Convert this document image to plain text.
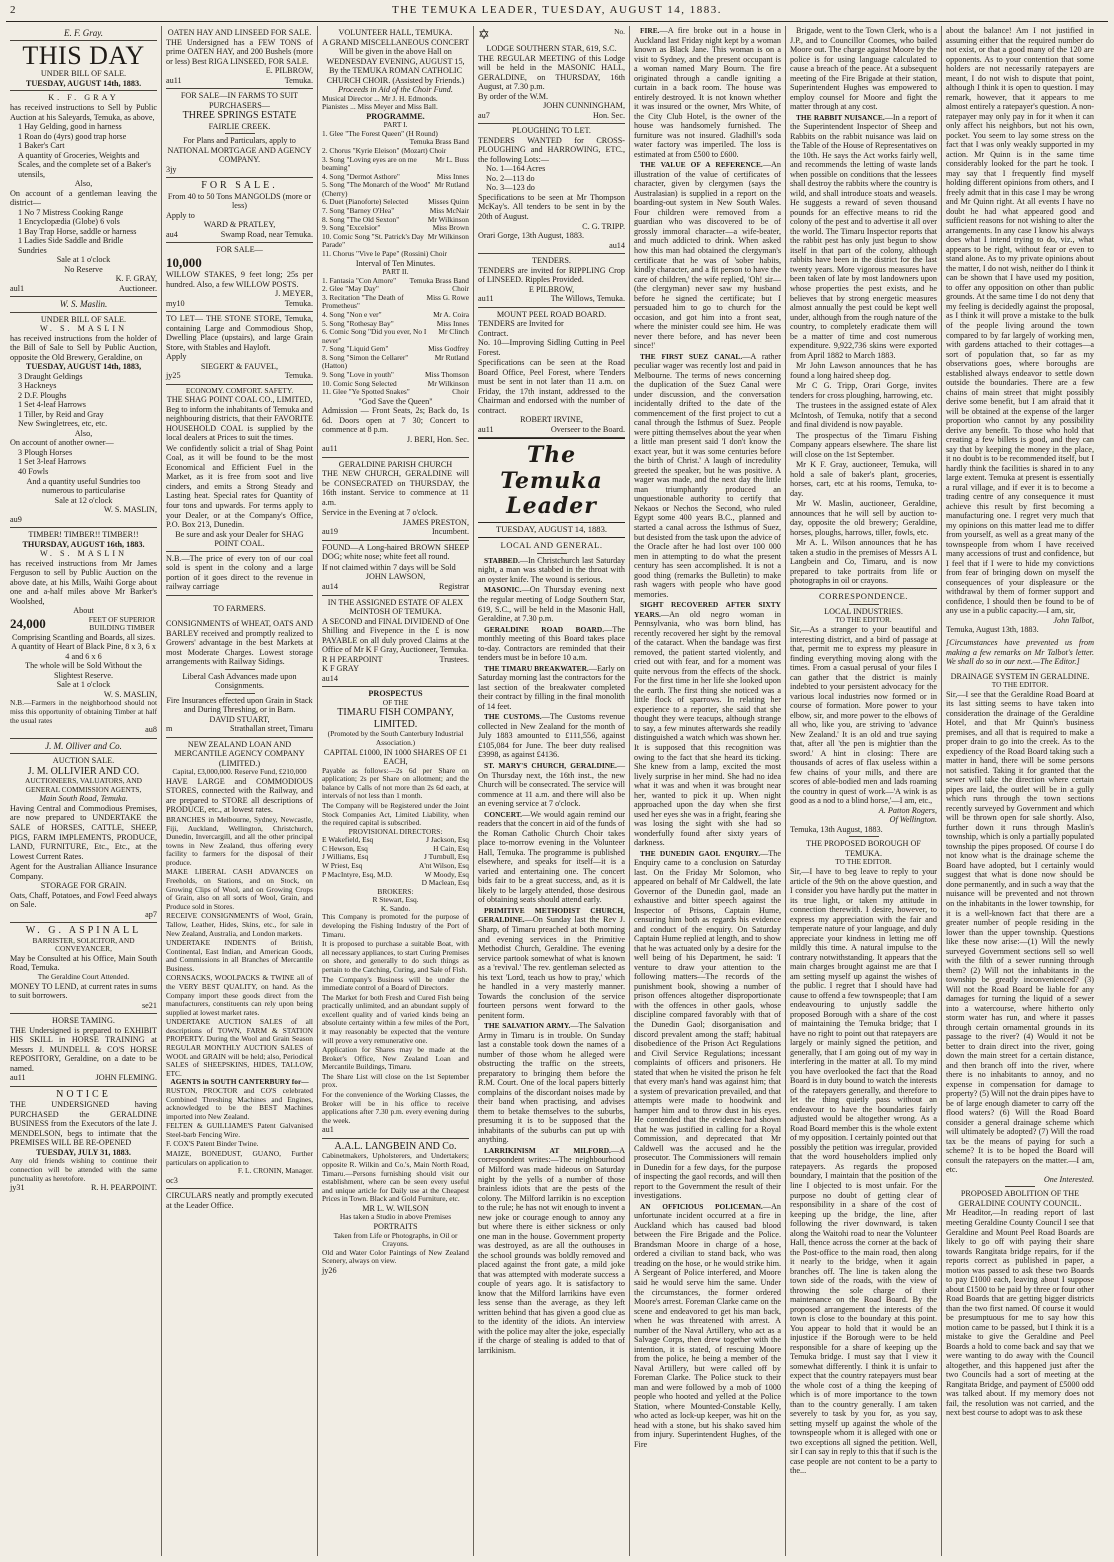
2	THE TEMUKA LEADER, TUESDAY, AUGUST 14, 1883.
E. F. Gray.
THIS DAY
UNDER BILL OF SALE.
TUESDAY, AUGUST 14th, 1883.
K. F. GRAY

has received instructions to Sell by Public Auction at his Saleyards, Temuka, as above,

1 Hay Gelding, good in harness
1 Roan do (4yrs) good trap horse
1 Baker's Cart
A quantity of Groceries, Weights and Scales, and the complete set of a Baker's utensils,
Also,

On account of a gentleman leaving the district—

1 No 7 Mistress Cooking Range
1 Encyclopædia (Globe) 6 vols
1 Bay Trap Horse, saddle or harness
1 Ladies Side Saddle and Bridle
Sundries
Sale at 1 o'clock
No Reserve
K. F. GRAY,
aul1	Auctioneer.
W. S. Maslin.
UNDER BILL OF SALE.
W. S. MASLIN

has received instructions from the holder of the Bill of Sale to Sell by Public Auction, opposite the Old Brewery, Geraldine, on

TUESDAY, AUGUST 14th, 1883,
3 Draught Geldings
3 Hackneys
2 D.F. Ploughs
1 Set 4-leaf Harrows
1 Tiller, by Reid and Gray
New Swingletrees, etc, etc.
Also,

On account of another owner—

3 Plough Horses
1 Set 3-leaf Harrows
40 Fowls

And a quantity useful Sundries too numerous to particularise

Sale at 12 o'clock
W. S. MASLIN,
au9
TIMBER! TIMBER!! TIMBER!!
THURSDAY, AUGUST 16th, 1883.
W. S. MASLIN

has received instructions from Mr James Ferguson to sell by Public Auction on the above date, at his Mills, Waihi Gorge about one and a-half miles above Mr Barker's Woolshed,

About
24,000	FEET OF SUPERIOR BUILDING TIMBER
Comprising Scantling and Boards, all sizes.
A quantity of Heart of Black Pine, 8 x 3, 6 x 4 and 6 x 6
The whole will be Sold Without the Slightest Reserve.
Sale at 1 o'clock
W. S. MASLIN,

N.B.—Farmers in the neighborhood should not miss this opportunity of obtaining Timber at half the usual rates

au8
J. M. Olliver and Co.
AUCTION SALE.
J. M. OLLIVIER AND CO.
AUCTIONEERS, VALUATORS, AND GENERAL COMMISSION AGENTS,
Main South Road, Temuka.

Having Central and Commodious Premises, are now prepared to UNDERTAKE the SALE of HORSES, CATTLE, SHEEP, PIGS, FARM IMPLEMENTS, PRODUCE, LAND, FURNITURE, Etc., Etc., at the Lowest Current Rates.

Agent for the Australian Alliance Insurance Company.

STORAGE FOR GRAIN.

Oats, Chaff, Potatoes, and Fowl Feed always on Sale.

ap7
W. G. ASPINALL
BARRISTER, SOLICITOR, AND CONVEYANCER,

May be Consulted at his Office, Main South Road, Temuka.

The Geraldine Court Attended.

MONEY TO LEND, at current rates in sums to suit borrowers.

se21
HORSE TAMING.

THE Undersigned is prepared to EXHIBIT HIS SKILL in HORSE TRAINING at Messrs J. MUNDELL & CO'S HORSE REPOSITORY, Geraldine, on a date to be named.

au11	JOHN FLEMING.
NOTICE

THE UNDERSIGNED having PURCHASED the GERALDINE BUSINESS from the Executors of the late J. MENDELSON, begs to intimate that the PREMISES WILL BE RE-OPENED

TUESDAY, JULY 31, 1883.

Any old friends wishing to continue their connection will be attended with the same punctuality as heretofore.

jy31	R. H. PEARPOINT.
OATEN HAY AND LINSEED FOR SALE.

THE Undersigned has a FEW TONS of prime OATEN HAY, and 200 Bushels (more or less) Best RIGA LINSEED, FOR SALE.

E. PILBROW,
au11	Temuka.

FOR SALE—IN FARMS TO SUIT PURCHASERS—

THREE SPRINGS ESTATE
FAIRLIE CREEK.
For Plans and Particulars, apply to
NATIONAL MORTGAGE AND AGENCY COMPANY.
3jy
FOR SALE.
From 40 to 50 Tons MANGOLDS (more or less)
Apply to
WARD & PRATLEY,
au4	Swamp Road, near Temuka.
FOR SALE—
10,000

WILLOW STAKES, 9 feet long; 25s per hundred. Also, a few WILLOW POSTS.

J. MEYER,
my10	Temuka.

TO LET— THE STONE STORE, Temuka, containing Large and Commodious Shop, Dwelling Place (upstairs), and large Grain Store, with Stables and Hayloft.

Apply
SIEGERT & FAUVEL,
jy25	Temuka.
ECONOMY. COMFORT. SAFETY.
THE SHAG POINT COAL CO., LIMITED,

Beg to inform the inhabitants of Temuka and neighbouring districts, that their FAVORITE HOUSEHOLD COAL is supplied by the local dealers at Prices to suit the times.

We confidently solicit a trial of Shag Point Coal, as it will be found to be the most Economical and Efficient Fuel in the Market, as it is free from soot and live cinders, and emits a Strong Steady and Lasting heat. Special rates for Quantity of four tons and upwards. For terms apply to your Dealer, or at the Company's Office, P.O. Box 213, Dunedin.

Be sure and ask your Dealer for SHAG POINT COAL.

N.B.—The price of every ton of our coal sold is spent in the colony and a large portion of it goes direct to the revenue in railway carriage

TO FARMERS.

CONSIGNMENTS of WHEAT, OATS AND BARLEY received and promptly realized to Growers' advantage in the best Markets at most Moderate Charges. Lowest storage arrangements with Railway Sidings.

Liberal Cash Advances made upon Consignments.
Fire Insurances effected upon Grain in Stack and During Threshing, or in Barn.
DAVID STUART,
m	Strathallan street, Timaru
NEW ZEALAND LOAN AND MERCANTILE AGENCY COMPANY (LIMITED.)
Capital, £3,000,000. Reserve Fund, £210,000

HAVE LARGE and COMMODIOUS STORES, connected with the Railway, and are prepared to STORE all descriptions of PRODUCE, etc., at lowest rates.

BRANCHES in Melbourne, Sydney, Newcastle, Fiji, Auckland, Wellington, Christchurch, Dunedin, Invercargill, and all the other principal towns in New Zealand, thus offering every facility to farmers for the disposal of their produce.

MAKE LIBERAL CASH ADVANCES on Freeholds, on Stations, and on Stock, on Growing Clips of Wool, and on Growing Crops of Grain, also on all sorts of Wool, Grain, and Produce sold in Stores.

RECEIVE CONSIGNMENTS of Wool, Grain, Tallow, Leather, Hides, Skins, etc., for sale in New Zealand, Australia, and London markets.

UNDERTAKE INDENTS of British, Continental, East Indian, and American Goods, and Commissions in all Branches of Mercantile Business.

CORNSACKS, WOOLPACKS & TWINE all of the VERY BEST QUALITY, on hand. As the Company import these goods direct from the manufacturers, constituents can rely upon being supplied at lowest market rates.

UNDERTAKE AUCTION SALES of all descriptions of TOWN, FARM & STATION PROPERTY. During the Wool and Grain Season REGULAR MONTHLY AUCTION SALES of WOOL and GRAIN will be held; also, Periodical SALES of SHEEPSKINS, HIDES, TALLOW, ETC.

AGENTS in SOUTH CANTERBURY for—

RUSTON, PROCTOR and CO'S celebrated Combined Threshing Machines and Engines, acknowledged to be the BEST Machines imported into New Zealand.

FELTEN & GUILLIAME'S Patent Galvanised Steel-barb Fencing Wire.

F. COX'S Patent Binder Twine.

MAIZE, BONEDUST, GUANO, Further particulars on application to

F. L. CRONIN, Manager.
oc3

CIRCULARS neatly and promptly executed at the Leader Office.

VOLUNTEER HALL, TEMUKA.
A GRAND MISCELLANEOUS CONCERT

Will be given in the above Hall on WEDNESDAY EVENING, AUGUST 15, By the TEMUKA ROMAN CATHOLIC CHURCH CHOIR. (Assisted by Friends.)

Proceeds in Aid of the Choir Fund.
Musical Director ... Mr J. H. Edmonds.
Pianistes ... Miss Meyer and Miss Ball.
PROGRAMME.
PART I.
1. Glee "The Forest Queen" (H Round)
Temuka Brass Band
2. Chorus "Kyrie Eleison" (Mozart) Choir
3. Song "Loving eyes are on me beaming"
Mr L. Buss
4. Song "Dermot Asthore"	Miss Innes
5. Song "The Monarch of the Wood" (Cherry)
Mr Rutland
6. Duet (Pianoforte) Selected	Misses Quinn
7. Song "Barney O'Hea"	Miss McNair
8. Song "The Old Sexton"	Mr Wilkinson
9. Song "Excelsior"	Miss Brown
10. Comic Song "St. Patrick's Day Parade"
Mr Wilkinson
11. Chorus "Vive le Pape" (Rossini) Choir
Interval of Ten Minutes.
PART II.
1. Fantasia "Con Amore"	Temuka Brass Band
2. Glee "May Day"	Choir
3. Recitation "The Death of Prometheus"
Miss G. Rowe
4. Song "Non e ver"	Mr A. Coira
5. Song "Rothesay Bay"	Miss Innes
6. Comic Song "Did you ever, No I never"
Mr Clinch
7. Song "Liquid Gem"	Miss Godfrey
8. Song "Simon the Cellarer" (Hatton)
Mr Rutland
9. Song "Love in youth"	Miss Thomson
10. Comic Song Selected	Mr Wilkinson
11. Glee "Ye Spotted Snakes"	Choir
"God Save the Queen"

Admission — Front Seats, 2s; Back do, 1s 6d. Doors open at 7 30; Concert to commence at 8 p.m.

J. BERI, Hon. Sec.
au11
GERALDINE PARISH CHURCH

THE NEW CHURCH, GERALDINE will be CONSECRATED on THURSDAY, the 16th instant. Service to commence at 11 a.m.

Service in the Evening at 7 o'clock.

JAMES PRESTON,
au19	Incumbent.

FOUND—A Long-haired BROWN SHEEP DOG; white nose; white feet all round.

If not claimed within 7 days will be Sold

JOHN LAWSON,
au14	Registrar
IN THE ASSIGNED ESTATE OF ALEX McINTOSH OF TEMUKA.

A SECOND and FINAL DIVIDEND of One Shilling and Fivepence in the £ is now PAYABLE on all duly proved Claims at the Office of Mr K F Gray, Auctioneer, Temuka.

R H PEARPOINT
K F GRAY
Trustees.
au14
PROSPECTUS
OF THE
TIMARU FISH COMPANY, LIMITED.
(Promoted by the South Canterbury Industrial Association.)
CAPITAL £1000, IN 1000 SHARES OF £1 EACH,

Payable as follows:—2s 6d per Share on application; 2s per Share on allotment; and the balance by Calls of not more than 2s 6d each, at intervals of not less than 1 month.

The Company will be Registered under the Joint Stock Companies Act, Limited Liability, when the required capital is subscribed.

PROVISIONAL DIRECTORS:
E Wakefield, Esq	J Jackson, Esq
C Hewson, Esq	H Cain, Esq
J Williams, Esq	J Turnbull, Esq
W Priest, Esq	A'nt Wilson, Esq
P MacIntyre, Esq, M.D.	W Moody, Esq
D Maclean, Esq
BROKERS:
R Stewart, Esq.
K. Sando.

This Company is promoted for the purpose of developing the Fishing Industry of the Port of Timaru.

It is proposed to purchase a suitable Boat, with all necessary appliances, to start Curing Premises on shore, and generally to do such things as pertain to the Catching, Curing, and Sale of Fish.

The Company's Business will be under the immediate control of a Board of Directors.

The Market for both Fresh and Cured Fish being practically unlimited, and an abundant supply of excellent quality and of varied kinds being an absolute certainty within a few miles of the Port, it may reasonably be expected that the venture will prove a very remunerative one.

Application for Shares may be made at the Broker's Office, New Zealand Loan and Mercantile Buildings, Timaru.

The Share List will close on the 1st September prox.

For the convenience of the Working Classes, the Broker will be in his office to receive applications after 7.30 p.m. every evening during the week.

au1
A.A.L. LANGBEIN AND Co.

Cabinetmakers, Upholsterers, and Undertakers; opposite R. Wilkin and Co.'s, Main North Road, Timaru.—Persons furnishing should visit our establishment, where can be seen every useful and unique article for Daily use at the Cheapest Prices in Town. Black and Gold Furniture, etc.

MR L. W. WILSON
Has taken a Studio in above Premises
PORTRAITS
Taken from Life or Photographs, in Oil or Crayons.

Old and Water Color Paintings of New Zealand Scenery, always on view.

jy26
✡	No.
LODGE SOUTHERN STAR, 619, S.C.

THE REGULAR MEETING of this Lodge will be held in the MASONIC HALL, GERALDINE, on THURSDAY, 16th August, at 7.30 p.m.

By order of the W.M.
JOHN CUNNINGHAM,
au7	Hon. Sec.
PLOUGHING TO LET.

TENDERS WANTED for CROSS-PLOUGHING and HARROWING, ETC., the following Lots:—

No. 1—164 Acres
No. 2—113 do
No. 3—123 do

Specifications to be seen at Mr Thompson McKay's. All tenders to be sent in by the 20th of August.

C. G. TRIPP.
Orari Gorge, 13th August, 1883.
au14
TENDERS.

TENDERS are invited for RIPPLING Crop of LINSEED. Ripples Provided.

E PILBROW,
au11	The Willows, Temuka.
MOUNT PEEL ROAD BOARD.

TENDERS are Invited for

Contract.

No. 10—Improving Sidling Cutting in Peel Forest.

Specifications can be seen at the Road Board Office, Peel Forest, where Tenders must be sent in not later than 11 a.m. on Friday, the 17th instant, addressed to the Chairman and endorsed with the number of contract.

ROBERT IRVINE,
au11	Overseer to the Board.
The Temuka Leader
TUESDAY, AUGUST 14, 1883.
LOCAL AND GENERAL.

STABBED.—In Christchurch last Saturday night, a man was stabbed in the throat with an oyster knife. The wound is serious.

MASONIC.—On Thursday evening next the regular meeting of Lodge Southern Star, 619, S.C., will be held in the Masonic Hall, Geraldine, at 7.30 p.m.

GERALDINE ROAD BOARD.—The monthly meeting of this Board takes place to-day. Contractors are reminded that their tenders must be in before 10 a.m.

THE TIMARU BREAKWATER.—Early on Saturday morning last the contractors for the last section of the breakwater completed their contract by filling in the final monolith of 14 feet.

THE CUSTOMS.—The Customs revenue collected in New Zealand for the month of July 1883 amounted to £111,556, against £105,084 for June. The beer duty realised £3998, as against £4136.

ST. MARY'S CHURCH, GERALDINE.—On Thursday next, the 16th inst., the new Church will be consecrated. The service will commence at 11 a.m. and there will also be an evening service at 7 o'clock.

CONCERT.—We would again remind our readers that the concert in aid of the funds of the Roman Catholic Church Choir takes place to-morrow evening in the Volunteer Hall, Temuka. The programme is published elsewhere, and speaks for itself—it is a varied and entertaining one. The concert bids fair to be a great success, and, as it is likely to be largely attended, those desirous of obtaining seats should attend early.

PRIMITIVE METHODIST CHURCH, GERALDINE.—On Sunday last the Rev J. Sharp, of Timaru preached at both morning and evening services in the Primitive Methodist Church, Geraldine. The evening service partook somewhat of what is known as a 'revival.' The rev. gentleman selected as his text 'Lord, teach us how to pray,' which he handled in a very masterly manner. Towards the conclusion of the service fourteen persons went forward to the penitent form.

THE SALVATION ARMY.—The Salvation Army in Timaru is in trouble. On Sunday last a constable took down the names of a number of those whom he alleged were obstructing the traffic on the streets, preparatory to bringing them before the R.M. Court. One of the local papers bitterly complains of the discordant noises made by their band when practising, and advises them to betake themselves to the suburbs, presuming it is to be supposed that the inhabitants of the suburbs can put up with anything.

LARRIKINISM AT MILFORD.—A correspondent writes:—The neighbourhood of Milford was made hideous on Saturday night by the yells of a number of those brainless idiots that are the pests of the colony. The Milford larrikin is no exception to the rule; he has not wit enough to invent a new joke or courage enough to annoy any but where there is either sickness or only one man in the house. Government property was destroyed, as are all the outhouses in the school grounds was boldly removed and placed against the front gate, a mild joke that was attempted with moderate success a couple of years ago. It is satisfactory to know that the Milford larrikins have even less sense than the average, as they left written behind that has given a good clue as to the identity of the idiots. An interview with the police may alter the joke, especially if the charge of stealing is added to that of larrikinism.

FIRE.—A fire broke out in a house in Auckland last Friday night kept by a woman known as Black Jane. This woman is on a visit to Sydney, and the present occupant is a woman named Mary Bourn. The fire originated through a candle igniting a curtain in a back room. The house was entirely destroyed. It is not known whether it was insured or the owner, Mrs White, of the City Club Hotel, is the owner of the house was handsomely furnished. The furniture was not insured. Gladhill's soda water factory was imperiled. The loss is estimated at from £500 to £600.

THE VALUE OF A REFERENCE.—An illustration of the value of certificates of character, given by clergymen (says the Australasian) is supplied in a report on the boarding-out system in New South Wales. Four children were removed from a guardian who was discovered to be of grossly immoral character—a wife-beater, and much addicted to drink. When asked how this man had obtained the clergyman's certificate that he was of 'sober habits, kindly character, and a fit person to have the care of children,' the wife replied, 'Oh! sir—(the clergyman) never saw my husband before he signed the certificate; but I persuaded him to go to church for the occasion, and got him into a front seat, where the minister could see him. He was never there before, and has never been since!'

THE FIRST SUEZ CANAL.—A rather peculiar wager was recently lost and paid in Melbourne. The terms of news concerning the duplication of the Suez Canal were under discussion, and the conversation incidentally drifted to the date of the commencement of the first project to cut a canal through the Isthmus of Suez. People were pitting themselves about the year when a little man present said 'I don't know the exact year, but it was some centuries before the birth of Christ.' A laugh of incredulity greeted the speaker, but he was positive. A wager was made, and the next day the little man triumphantly produced an unquestionable authority to certify that Nekaos or Nechos the Second, who ruled Egypt some 400 years B.C., planned and started a canal across the Isthmus of Suez, but desisted from the task upon the advice of the Oracle after he had lost over 100 000 men in attempting to do what the present century has seen accomplished. It is not a good thing (remarks the Bulletin) to make rash wagers with people who have good memories.

SIGHT RECOVERED AFTER SIXTY YEARS.—An old negro woman in Pennsylvania, who was born blind, has recently recovered her sight by the removal of the cataract. When the bandage was first removed, the patient started violently, and cried out with fear, and for a moment was quite nervous from the effects of the shock. For the first time in her life she looked upon the earth. The first thing she noticed was a little flock of sparrows. In relating her experience to a reporter, she said that she thought they were teacups, although strange to say, a few minutes afterwards she readily distinguished a watch which was shown her. It is supposed that this recognition was owing to the fact that she heard its ticking. She knew from a lamp, excited the most lively surprise in her mind. She had no idea what it was and when it was brought near her, wanted to pick it up. When night approached upon the day when she first used her eyes she was in a fright, fearing she was losing the sight with she had so wonderfully found after sixty years of darkness.

THE DUNEDIN GAOL ENQUIRY.—The Enquiry came to a conclusion on Saturday last. On the Friday Mr Solomon, who appeared on behalf of Mr Caldwell, the late Governor of the Dunedin gaol, made an exhaustive and bitter speech against the Inspector of Prisons, Captain Hume, censuring him both as regards his evidence and conduct of the enquiry. On Saturday Captain Hume replied at length, and to show that he was actuated only by a desire for the well being of his Department, he said: 'I venture to draw your attention to the following matters—The records of the punishment book, showing a number of prison offences altogether disproportionate with the offences in other gaols, whose discipline compared favorably with that of the Dunedin Gaol; disorganisation and discord prevalent among the staff; habitual disobedience of the Prison Act Regulations and Civil Service Regulations; incessant complaints of officers and prisoners. He stated that when he visited the prison he felt that every man's hand was against him; that a system of prevarication prevailed, and that attempts were made to hoodwink and hamper him and to throw dust in his eyes. He contended that the evidence had shown that he was justified in calling for a Royal Commission, and deprecated that Mr Caldwell was the accused and he the prosecutor. The Commissioners will remain in Dunedin for a few days, for the purpose of inspecting the gaol records, and will then report to the Government the result of their investigations.

AN OFFICIOUS POLICEMAN.—An unfortunate incident occurred at a fire in Auckland which has caused bad blood between the Fire Brigade and the Police. Brandsman Moore in charge of a hose, ordered a civilian to stand back, who was treading on the hose, or he would strike him. A Sergeant of Police interfered, and Moore said he would serve him the same. Under the circumstances, the former ordered Moore's arrest. Foreman Clarke came on the scene and endeavored to get his man back, when he was threatened with arrest. A number of the Naval Artillery, who act as a Salvage Corps, then drew together with the intention, it is stated, of rescuing Moore from the police, he being a member of the Naval Artillery, but were called off by Foreman Clarke. The Police stuck to their man and were followed by a mob of 1000 people who hooted and yelled at the Police Station, where Mounted-Constable Kelly, who acted as lock-up keeper, was hit on the head with a stone, but his shako saved him from injury. Superintendent Hughes, of the Fire

Brigade, went to the Town Clerk, who is a J.P., and to Councillor Coomes, who bailed Moore out. The charge against Moore by the police is for using language calculated to cause a breach of the peace. At a subsequent meeting of the Fire Brigade at their station, Superintendent Hughes was empowered to employ counsel for Moore and fight the matter through at any cost.

THE RABBIT NUISANCE.—In a report of the Superintendent Inspector of Sheep and Rabbits on the rabbit nuisance was laid on the Table of the House of Representatives on the 10th. He says the Act works fairly well, and recommends the letting of waste lands when possible on conditions that the lessees shall destroy the rabbits where the country is wild, and shall introduce stoats and weasels. He suggests a reward of seven thousand pounds for an effective means to rid the colony of the pest and to advertise it all over the world. The Timaru Inspector reports that the rabbit pest has only just begun to show itself in that part of the colony, although rabbits have been in the district for the last twenty years. More vigorous measures have been taken of late by most landowners upon whose properties the pest exists, and he believes that by strong energetic measures almost annually the pest could be kept well under, although from the rough nature of the country, to completely eradicate them will be a matter of time and cost numerous expenditure. 9,922,736 skins were exported from April 1882 to March 1883.

Mr John Lawson announces that he has found a long haired sheep dog.

Mr C G. Tripp, Orari Gorge, invites tenders for cross ploughing, harrowing, etc.

The trustees in the assigned estate of Alex McIntosh, of Temuka, notify that a second and final dividend is now payable.

The prospectus of the Timaru Fishing Company appears elsewhere. The share list will close on the 1st September.

Mr K F. Gray, auctioneer, Temuka, will hold a sale of baker's plant, groceries, horses, cart, etc at his rooms, Temuka, to-day.

Mr W. Maslin, auctioneer, Geraldine, announces that he will sell by auction to-day, opposite the old brewery; Geraldine, horses, ploughs, harrows, tiller, fowls, etc.

Mr A. L. Wilson announces that he has taken a studio in the premises of Messrs A L Langbein and Co, Timaru, and is now prepared to take portraits from life or photographs in oil or crayons.

CORRESPONDENCE.
LOCAL INDUSTRIES.
TO THE EDITOR.

Sir,—As a stranger to your beautiful and interesting district, and a bird of passage at that, permit me to express my pleasure in finding everything moving along with the times. From a casual perusal of your files I can gather that the district is mainly indebted to your persistent advocacy for the various local industries now formed or in course of formation. More power to your elbow, sir, and more power to the elbows of all who, like you, are striving to 'advance New Zealand.' It is an old and true saying that, after all 'the pen is mightier than the sword.' A hint in closing: There are thousands of acres of flax useless within a few chains of your mills, and there are scores of able-bodied men and lads roaming the country in quest of work—'A wink is as good as a nod to a blind horse,'—I am, etc.,

A. Patton Rogers,
Of Wellington.
Temuka, 13th August, 1883.
THE PROPOSED BOROUGH OF TEMUKA.
TO THE EDITOR.

Sir,—I have to beg leave to reply to your article of the 9th on the above question, and I consider you have hardly put the matter in its true light, or taken my attitude in connection therewith. I desire, however, to express my appreciation with the fair and temperate nature of your language, and duly appreciate your kindness in letting me off mildly this time. A natural impulse to the contrary notwithstanding. It appears that the main charges brought against me are that I am setting myself up against the wishes of the public. I regret that I should have had cause to offend a few townspeople; that I am endeavouring to unjustly saddle the proposed Borough with a share of the cost of maintaining the Temuka bridge; that I have no right to point out that ratepayers are largely or mainly signed the petition, and generally, that I am going out of my way in interfering in the matter at all. To my mind you have overlooked the fact that the Road Board is in duty bound to watch the interests of the ratepayers generally, and therefore to let the thing quietly pass without an endeavour to have the boundaries fairly adjusted would be altogether wrong. As a Road Board member this is the whole extent of my opposition. I certainly pointed out that possibly the petition was irregular, provided that the word householders implied only ratepayers. As regards the proposed boundary, I maintain that the position of the line I objected to is most unfair. For the purpose no doubt of getting clear of responsibility in a share of the cost of keeping up the bridge, the line, after following the river downward, is taken along the Waitohi road to near the Volunteer Hall, thence across the corner at the back of the Post-office to the main road, then along it nearly to the bridge, when it again branches off. The line is taken along the town side of the roads, with the view of throwing the sole charge of their maintenance on the Road Board. By the proposed arrangement the interests of the town is close to the boundary at this point. You appear to hold that it would be an injustice if the Borough were to be held responsible for a share of keeping up the Temuka bridge. I must say that I view it somewhat differently. I think it is unfair to expect that the country ratepayers must bear the whole cost of a thing the keeping of which is of more importance to the town than to the country generally. I am taken severely to task by you for, as you say, setting myself up against the whole of the townspeople whom it is alleged with one or two exceptions all signed the petition. Well, sir I can say in reply to this that if such is the case people are not content to be a party to the...

about the balance! Am I not justified in assuming either that the required number do not exist, or that a good many of the 120 are opponents. As to your contention that some holders are not necessarily ratepayers are meant, I do not wish to dispute that point, although I think it is open to question. I may remark, however, that it appears to me almost entirely a ratepayer's question. A non-ratepayer may only pay in for it when it can only affect his neighbors, but not his own, pocket. You seem to lay some stress on the fact that I was only weakly supported in my action. Mr Quinn is in the same time considerably looked for the part he took. I may say that I frequently find myself holding different opinions from others, and I freely admit that in this case I may be wrong and Mr Quinn right. At all events I have no doubt he had what appeared good and sufficient reasons for not wishing to alter the arrangements. In any case I know his always does what I intend trying to do, viz., what appears to be right, without fear or even to stand alone. As to my private opinions about the matter, I do not wish, neither do I think it can be shown that I have used my position, to offer any opposition on other than public grounds. At the same time I do not deny that my feeling is decidedly against the proposal, as I think it will prove a mistake to the bulk of the people living around the town compared to by far largely of working men, with gardens attached to their cottages—a sort of population that, so far as my observations goes, where boroughs are established always endeavor to settle down outside the boundaries. There are a few chains of main street that might possibly derive some benefit, but I am afraid that it will be obtained at the expense of the larger proportion who cannot by any possibility derive any benefit. To those who hold that creating a few billets is good, and they can say that by keeping the money in the place, it no doubt is to be recommended itself, but I hardly think the facilities is shared in to any large extent. Temuka at present is essentially a rural village, and if ever it is to become a trading centre of any consequence it must achieve this result by first becoming a manufacturing one. I regret very much that my opinions on this matter lead me to differ from yourself, as well as a great many of the townspeople from whom I have received many accessions of trust and confidence, but I feel that if I were to hide my convictions from fear of bringing down on myself the consequences of your displeasure or the withdrawal by them of former support and confidence, I should then be found to be of any use in a public capacity.—I am, sir,

John Talbot,
Temuka, August 13th, 1883.

[Circumstances have prevented us from making a few remarks on Mr Talbot's letter. We shall do so in our next.—The Editor.]

DRAINAGE SYSTEM IN GERALDINE.
TO THE EDITOR.

Sir,—I see that the Geraldine Road Board at its last sitting seems to have taken into consideration the drainage of the Geraldine Hotel, and that Mr Quinn's business premises, and all that is required to make a proper drain to go into the creek. As to the expediency of the Road Board taking such a matter in hand, there will be some persons not satisfied. Taking it for granted that the sewer will take the direction where certain pipes are laid, the outlet will be in a gully which runs through the town sections recently surveyed by Government and which will be thrown open for sale shortly. Also, further down it runs through Maslin's township, which is only a partially populated township the pipes proposed. Of course I do not know what is the drainage scheme the Board have adopted, but I certainly would suggest that what is done now should be done permanently, and in such a way that the nuisance will be prevented and not thrown on the inhabitants in the lower township, for it is a well-known fact that there are a greater number of people residing in the lower than the upper township. Questions like these now arise:—(1) Will the newly surveyed Government sections sell so well with the filth of a sewer running through them? (2) Will not the inhabitants in the township be greatly inconvenienced? (3) Will not the Road Board be liable for any damages for turning the liquid of a sewer into a watercourse, where hitherto only storm water has run, and where it passes through certain ornamental grounds in its passage to the river? (4) Would it not be better to drain direct into the river, going down the main street for a certain distance, and then branch off into the river, where there is no inhabitants to annoy, and no expense in compensation for damage to property? (5) Will not the drain pipes have to be of large enough diameter to carry off the flood waters? (6) Will the Road Board consider a general drainage scheme which will ultimately be adopted? (7) Will the road tax be the means of paying for such a scheme? It is to be hoped the Board will consult the ratepayers on the matter.—I am, etc.

One Interested.
PROPOSED ABOLITION OF THE GERALDINE COUNTY COUNCIL.

Mr Headitor,—In reading report of last meeting Geraldine County Council I see that Geraldine and Mount Peel Road Boards are likely to go off with paying their share towards Rangitata bridge repairs, for if the reports correct as published in paper, a motion was passed to ask these two Boards to pay £1000 each, leaving about I suppose about £1500 to be paid by three or four other Road Boards that are getting bigger districts than the two first named. Of course it would be presumptuous for me to say how this motion came to be passed, but I think it is a mistake to give the Geraldine and Peel Boards a hold to come back and say that we were wanting to do away with the Council altogether, and this happened just after the two Councils had a sort of meeting at the Rangitata Bridge, and payment of £5000 odd was talked about. If my memory does not fail, the resolution was not carried, and the next best course to adopt was to ask these
